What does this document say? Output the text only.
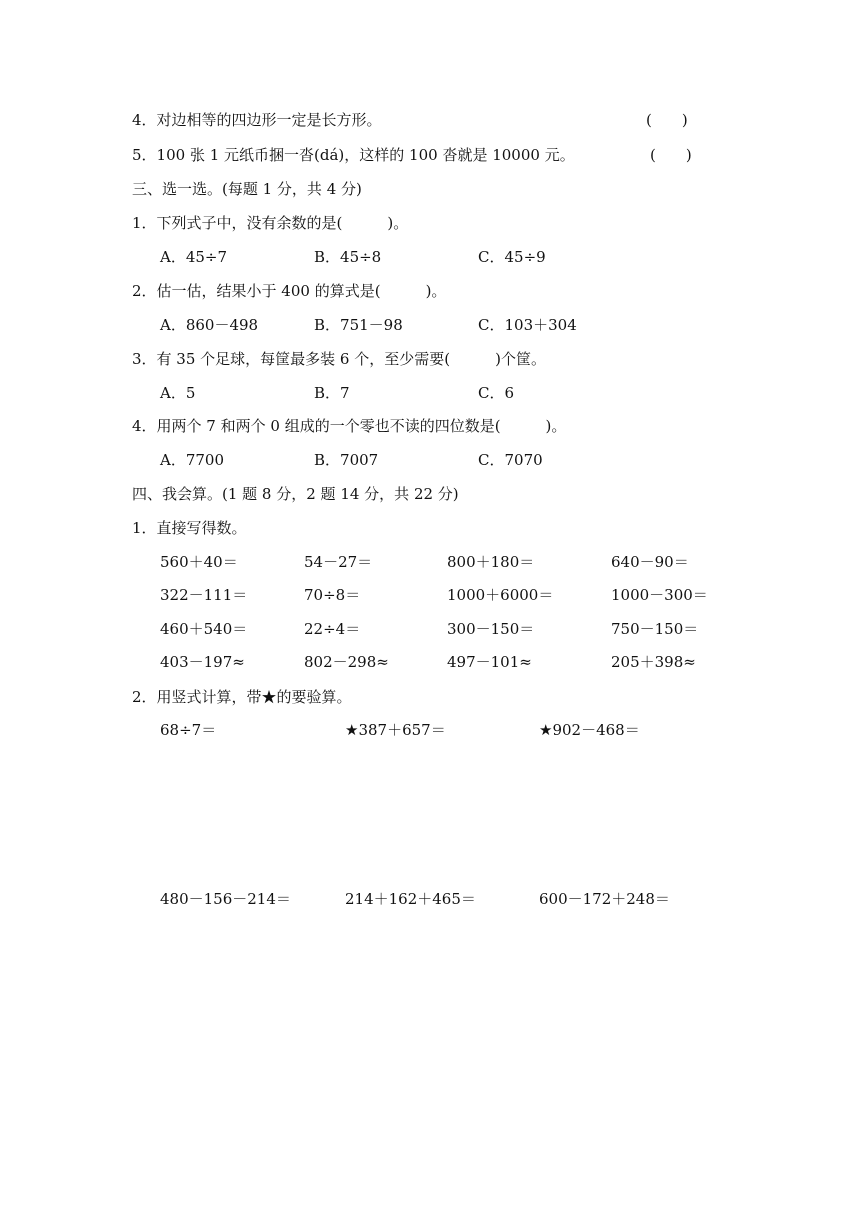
4．对边相等的四边形一定是长方形。	(　　)
5．100 张 1 元纸币捆一沓(dá)，这样的 100 沓就是 10000 元。	(　　)
三、选一选。(每题 1 分，共 4 分)
1．下列式子中，没有余数的是(　　　)。
A．45÷7	B．45÷8	C．45÷9
2．估一估，结果小于 400 的算式是(　　　)。
A．860－498	B．751－98	C．103＋304
3．有 35 个足球，每筐最多装 6 个，至少需要(　　　)个筐。
A．5	B．7	C．6
4．用两个 7 和两个 0 组成的一个零也不读的四位数是(　　　)。
A．7700	B．7007	C．7070
四、我会算。(1 题 8 分，2 题 14 分，共 22 分)
1．直接写得数。
560＋40＝	54－27＝	800＋180＝	640－90＝
322－111＝	70÷8＝	1000＋6000＝	1000－300＝
460＋540＝	22÷4＝	300－150＝	750－150＝
403－197≈	802－298≈	497－101≈	205＋398≈
2．用竖式计算，带★的要验算。
68÷7＝	★387＋657＝	★902－468＝
480－156－214＝	214＋162＋465＝	600－172＋248＝
